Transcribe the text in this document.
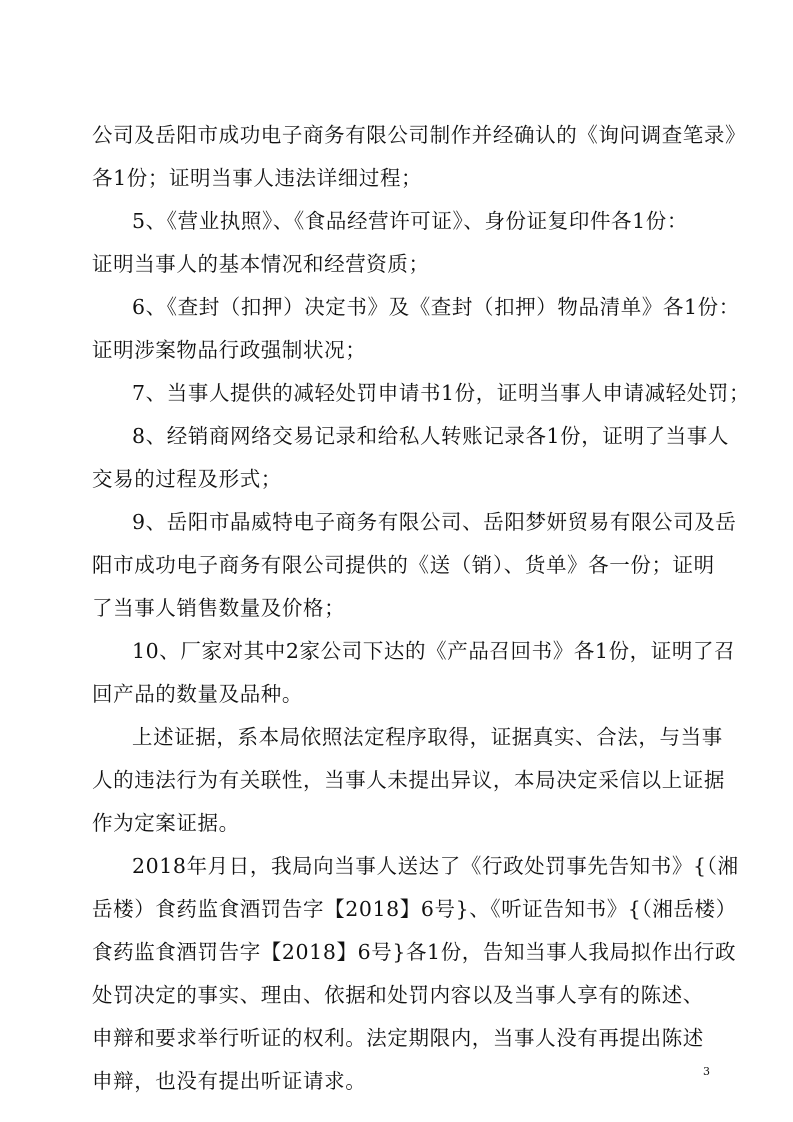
公司及岳阳市成功电子商务有限公司制作并经确认的《询问调查笔录》
各1份；证明当事人违法详细过程；
5、《营业执照》、《食品经营许可证》、身份证复印件各1份：
证明当事人的基本情况和经营资质；
6、《查封（扣押）决定书》及《查封（扣押）物品清单》各1份：
证明涉案物品行政强制状况；
7、当事人提供的减轻处罚申请书1份，证明当事人申请减轻处罚；
8、经销商网络交易记录和给私人转账记录各1份，证明了当事人
交易的过程及形式；
9、岳阳市晶威特电子商务有限公司、岳阳梦妍贸易有限公司及岳
阳市成功电子商务有限公司提供的《送（销）、货单》各一份；证明
了当事人销售数量及价格；
10、厂家对其中2家公司下达的《产品召回书》各1份，证明了召
回产品的数量及品种。
上述证据，系本局依照法定程序取得，证据真实、合法，与当事
人的违法行为有关联性，当事人未提出异议，本局决定采信以上证据
作为定案证据。
2018年月日，我局向当事人送达了《行政处罚事先告知书》{（湘
岳楼）食药监食酒罚告字【2018】6号}、《听证告知书》{（湘岳楼）
食药监食酒罚告字【2018】6号}各1份，告知当事人我局拟作出行政
处罚决定的事实、理由、依据和处罚内容以及当事人享有的陈述、
申辩和要求举行听证的权利。法定期限内，当事人没有再提出陈述
申辩，也没有提出听证请求。	3
